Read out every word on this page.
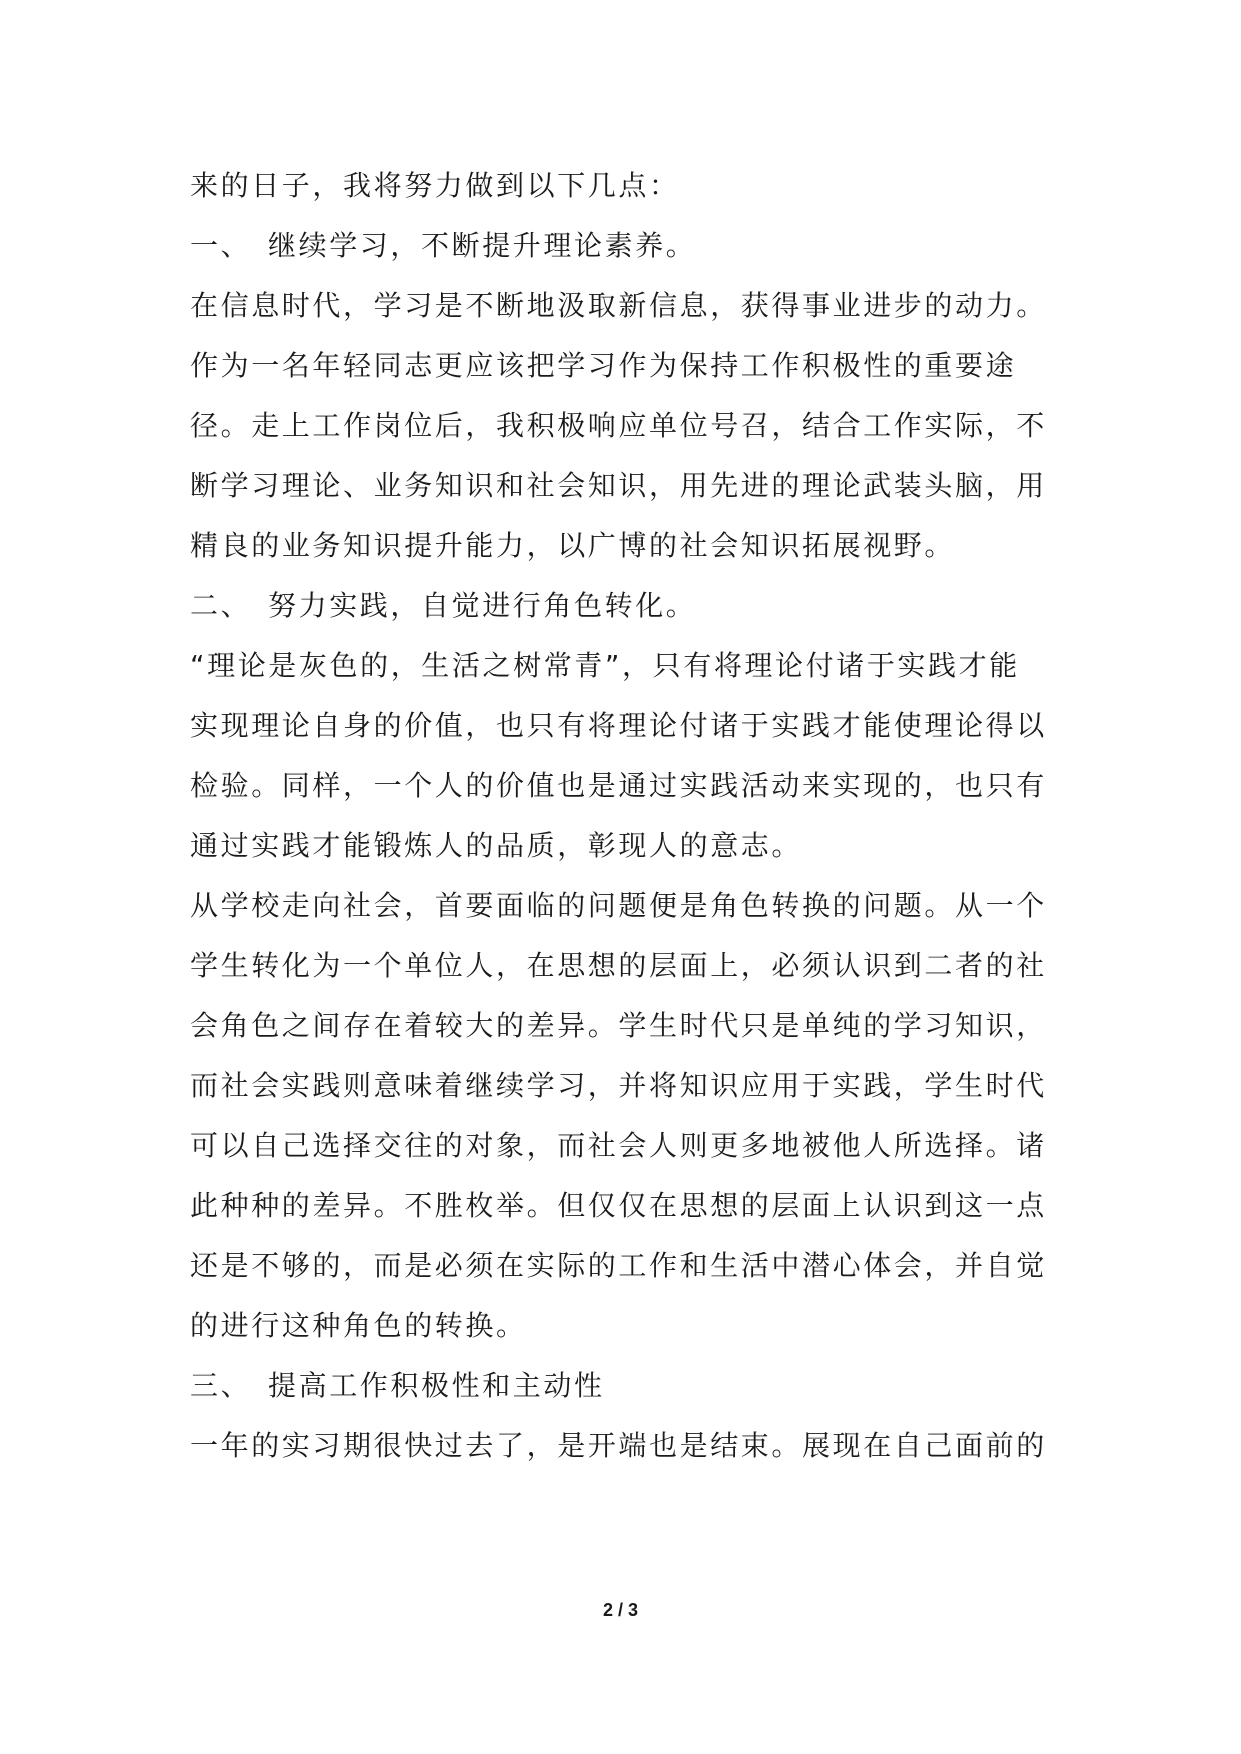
来的日子，我将努力做到以下几点：
一、 继续学习，不断提升理论素养。
在信息时代，学习是不断地汲取新信息，获得事业进步的动力。
作为一名年轻同志更应该把学习作为保持工作积极性的重要途
径。走上工作岗位后，我积极响应单位号召，结合工作实际，不
断学习理论、业务知识和社会知识，用先进的理论武装头脑，用
精良的业务知识提升能力，以广博的社会知识拓展视野。
二、 努力实践，自觉进行角色转化。
“理论是灰色的，生活之树常青”，只有将理论付诸于实践才能
实现理论自身的价值，也只有将理论付诸于实践才能使理论得以
检验。同样，一个人的价值也是通过实践活动来实现的，也只有
通过实践才能锻炼人的品质，彰现人的意志。
从学校走向社会，首要面临的问题便是角色转换的问题。从一个
学生转化为一个单位人，在思想的层面上，必须认识到二者的社
会角色之间存在着较大的差异。学生时代只是单纯的学习知识，
而社会实践则意味着继续学习，并将知识应用于实践，学生时代
可以自己选择交往的对象，而社会人则更多地被他人所选择。诸
此种种的差异。不胜枚举。但仅仅在思想的层面上认识到这一点
还是不够的，而是必须在实际的工作和生活中潜心体会，并自觉
的进行这种角色的转换。
三、 提高工作积极性和主动性
一年的实习期很快过去了，是开端也是结束。展现在自己面前的
2 / 3
